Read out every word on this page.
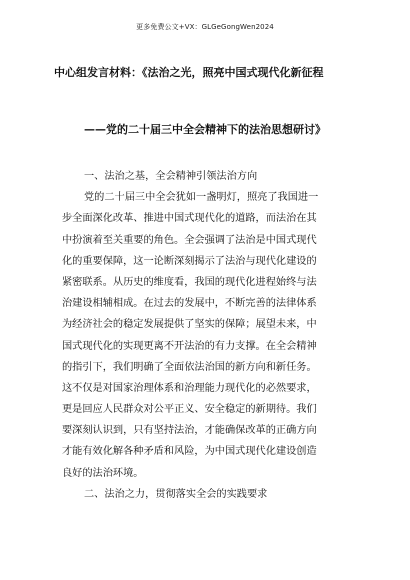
更多免费公文+VX：GLGeGongWen2024
中心组发言材料：《法治之光，照亮中国式现代化新征程
——党的二十届三中全会精神下的法治思想研讨》
一、法治之基，全会精神引领法治方向
党的二十届三中全会犹如一盏明灯，照亮了我国进一
步全面深化改革、推进中国式现代化的道路，而法治在其
中扮演着至关重要的角色。全会强调了法治是中国式现代
化的重要保障，这一论断深刻揭示了法治与现代化建设的
紧密联系。从历史的维度看，我国的现代化进程始终与法
治建设相辅相成。在过去的发展中，不断完善的法律体系
为经济社会的稳定发展提供了坚实的保障；展望未来，中
国式现代化的实现更离不开法治的有力支撑。在全会精神
的指引下，我们明确了全面依法治国的新方向和新任务。
这不仅是对国家治理体系和治理能力现代化的必然要求，
更是回应人民群众对公平正义、安全稳定的新期待。我们
要深刻认识到，只有坚持法治，才能确保改革的正确方向
才能有效化解各种矛盾和风险，为中国式现代化建设创造
良好的法治环境。
二、法治之力，贯彻落实全会的实践要求
